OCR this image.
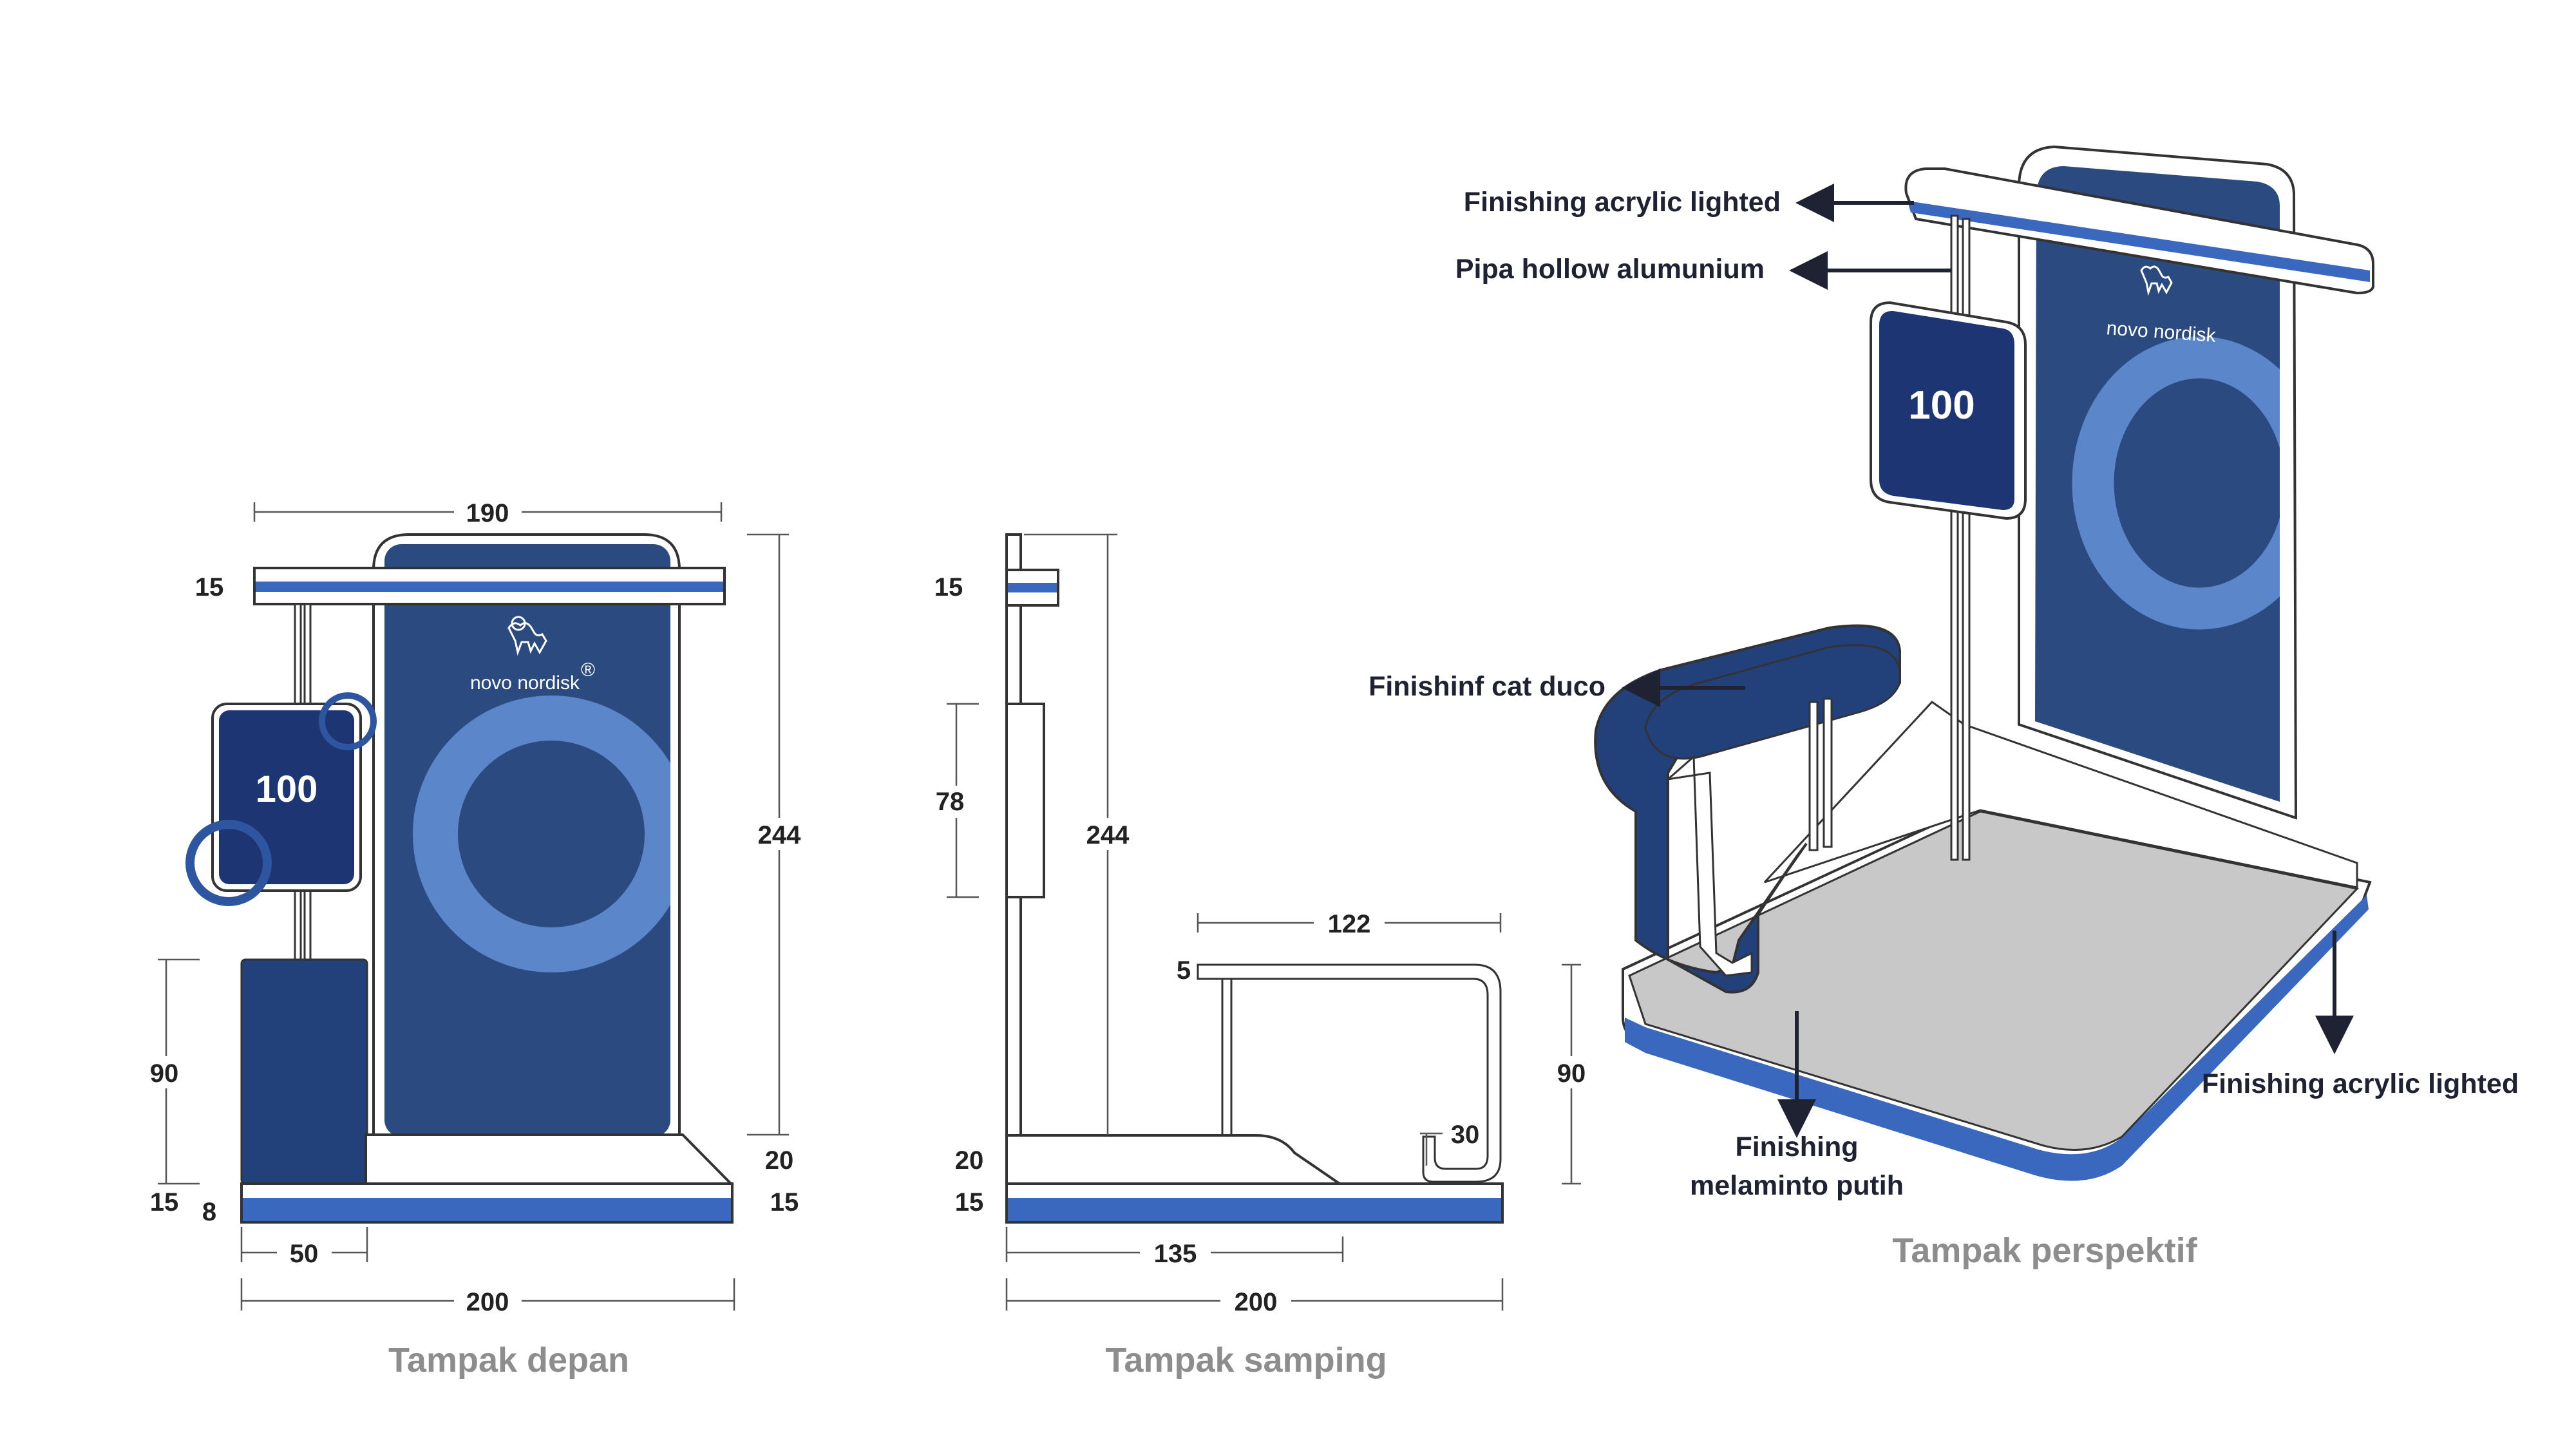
novo nordisk
®
100
190
15
244
90
20
15 8	15
50
200
Tampak depan
15
78
244
122
5
90
30
20
15
135
200
Tampak samping
novo nordisk
100
Finishing acrylic lighted
Pipa hollow alumunium
Finishinf cat duco
Finishing
melaminto putih
Finishing acrylic lighted
Tampak perspektif
